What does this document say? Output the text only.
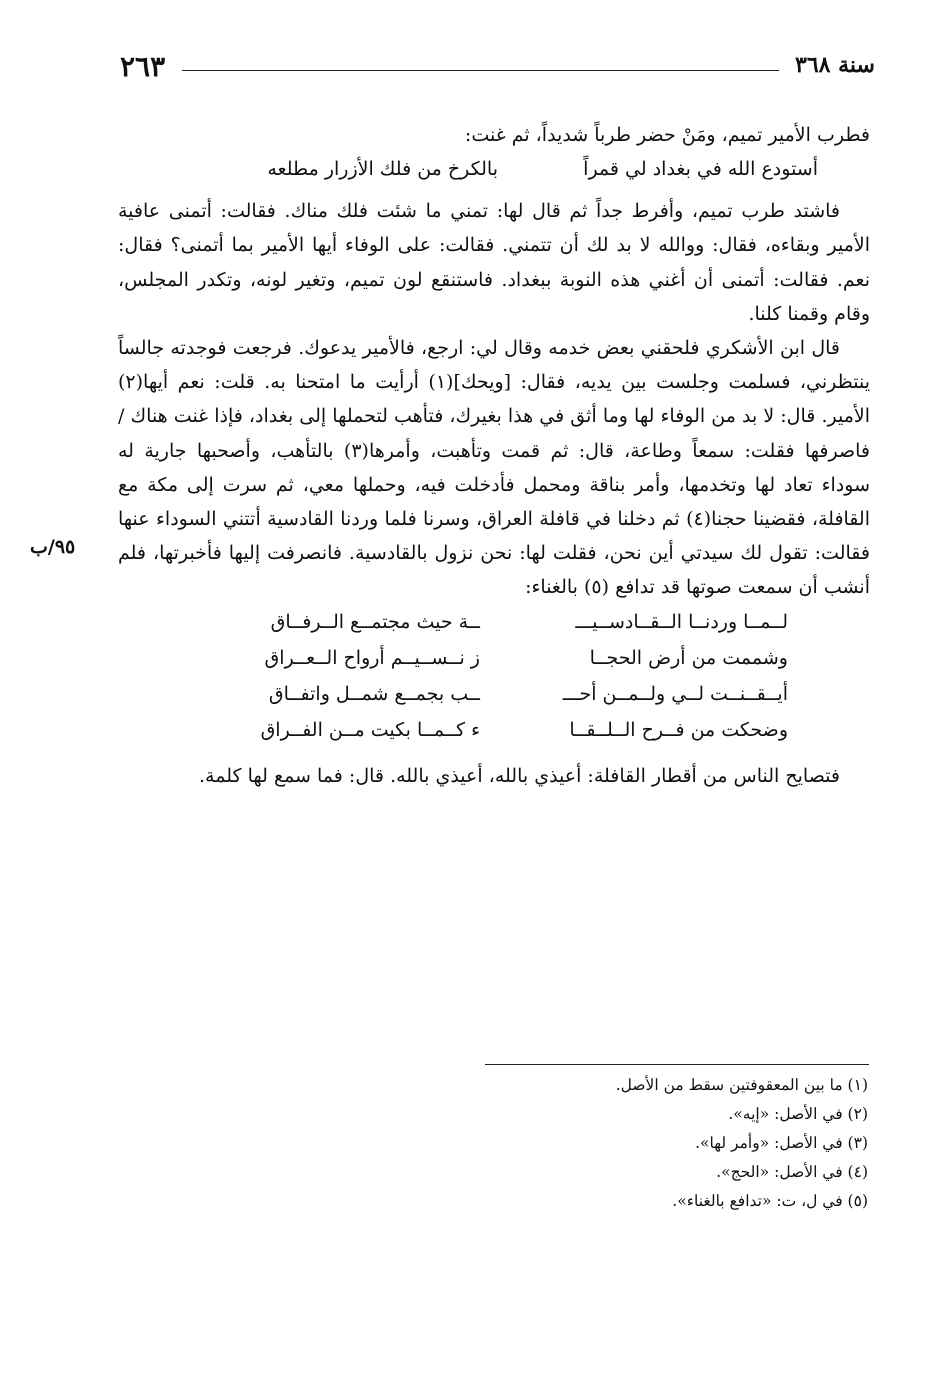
٢٦٣	سنة ٣٦٨
٩٥/ب

فطرب الأمير تميم، ومَنْ حضر طرباً شديداً، ثم غنت:

أستودع الله في بغداد لي قمراً
بالكرخ من فلك الأزرار مطلعه

فاشتد طرب تميم، وأفرط جداً ثم قال لها: تمني ما شئت فلك مناك. فقالت: أتمنى عافية الأمير وبقاءه، فقال: ووالله لا بد لك أن تتمني. فقالت: على الوفاء أيها الأمير بما أتمنى؟ فقال: نعم. فقالت: أتمنى أن أغني هذه النوبة ببغداد. فاستنقع لون تميم، وتغير لونه، وتكدر المجلس، وقام وقمنا كلنا.

قال ابن الأشكري فلحقني بعض خدمه وقال لي: ارجع، فالأمير يدعوك. فرجعت فوجدته جالساً ينتظرني، فسلمت وجلست بين يديه، فقال: [ويحك](١) أرأيت ما امتحنا به. قلت: نعم أيها(٢) الأمير. قال: لا بد من الوفاء لها وما أثق في هذا بغيرك، فتأهب لتحملها إلى بغداد، فإذا غنت هناك / فاصرفها فقلت: سمعاً وطاعة، قال: ثم قمت وتأهبت، وأمرها(٣) بالتأهب، وأصحبها جارية له سوداء تعاد لها وتخدمها، وأمر بناقة ومحمل فأدخلت فيه، وحملها معي، ثم سرت إلى مكة مع القافلة، فقضينا حجنا(٤) ثم دخلنا في قافلة العراق، وسرنا فلما وردنا القادسية أتتني السوداء عنها فقالت: تقول لك سيدتي أين نحن، فقلت لها: نحن نزول بالقادسية. فانصرفت إليها فأخبرتها، فلم أنشب أن سمعت صوتها قد تدافع (٥) بالغناء:

لــمــا وردنــا الــقــادســيـــ
ــة حيث مجتمــع الــرفــاق
وشممت من أرض الحجــا
ز نــســيــم أرواح الــعــراق
أيــقــنــت لــي ولــمــن أحـــ
ــب بجمــع شمــل واتفــاق
وضحكت من فــرح الــلــقــا
ء كــمــا بكيت مــن الفــراق

فتصايح الناس من أقطار القافلة: أعيذي بالله، أعيذي بالله. قال: فما سمع لها كلمة.

(١) ما بين المعقوفتين سقط من الأصل.

(٢) في الأصل: «إيه».

(٣) في الأصل: «وأمر لها».

(٤) في الأصل: «الحج».

(٥) في ل، ت: «تدافع بالغناء».
